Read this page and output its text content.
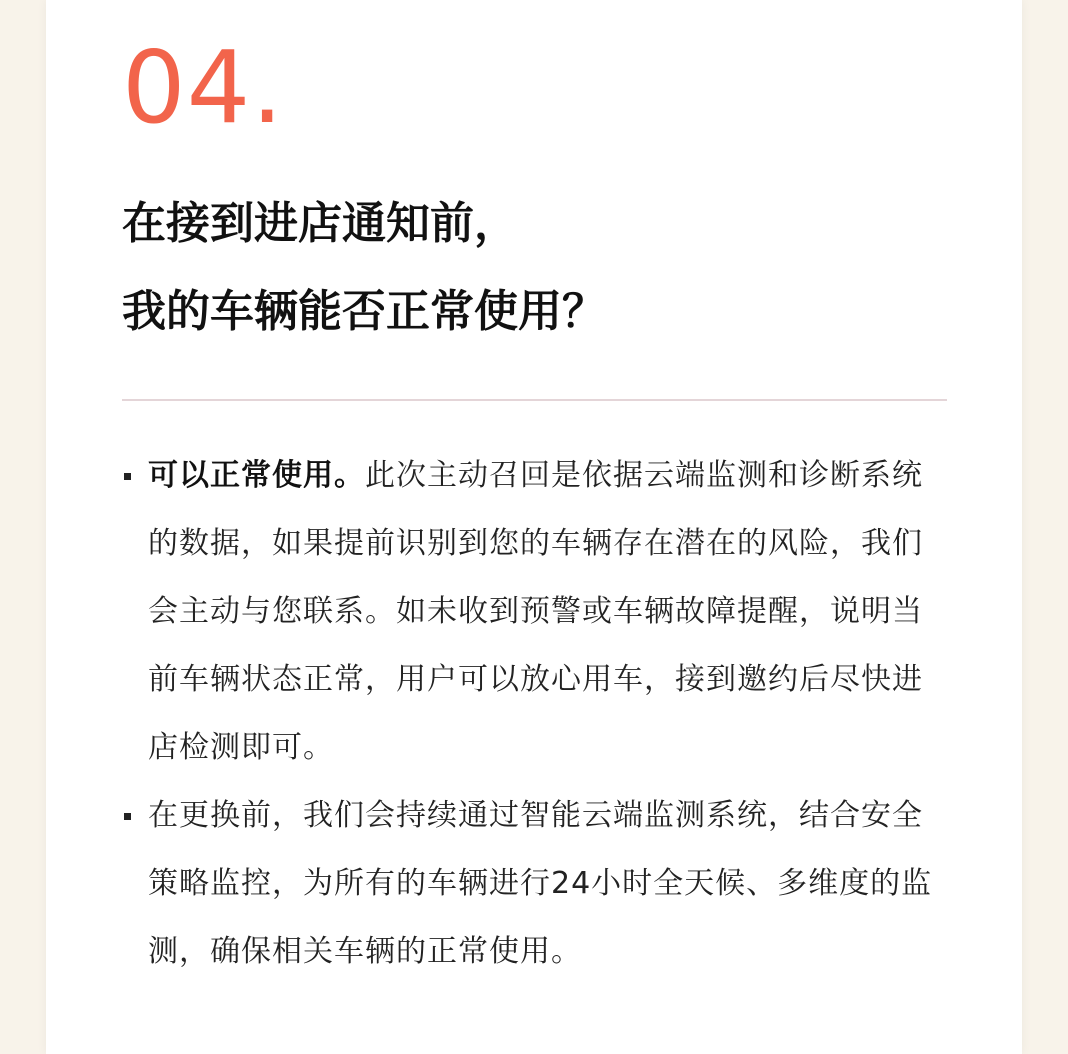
04.
在接到进店通知前，
我的车辆能否正常使用？
可以正常使用。此次主动召回是依据云端监测和诊断系统的数据，如果提前识别到您的车辆存在潜在的风险，我们会主动与您联系。如未收到预警或车辆故障提醒，说明当前车辆状态正常，用户可以放心用车，接到邀约后尽快进店检测即可。
在更换前，我们会持续通过智能云端监测系统，结合安全策略监控，为所有的车辆进行24小时全天候、多维度的监测，确保相关车辆的正常使用。
